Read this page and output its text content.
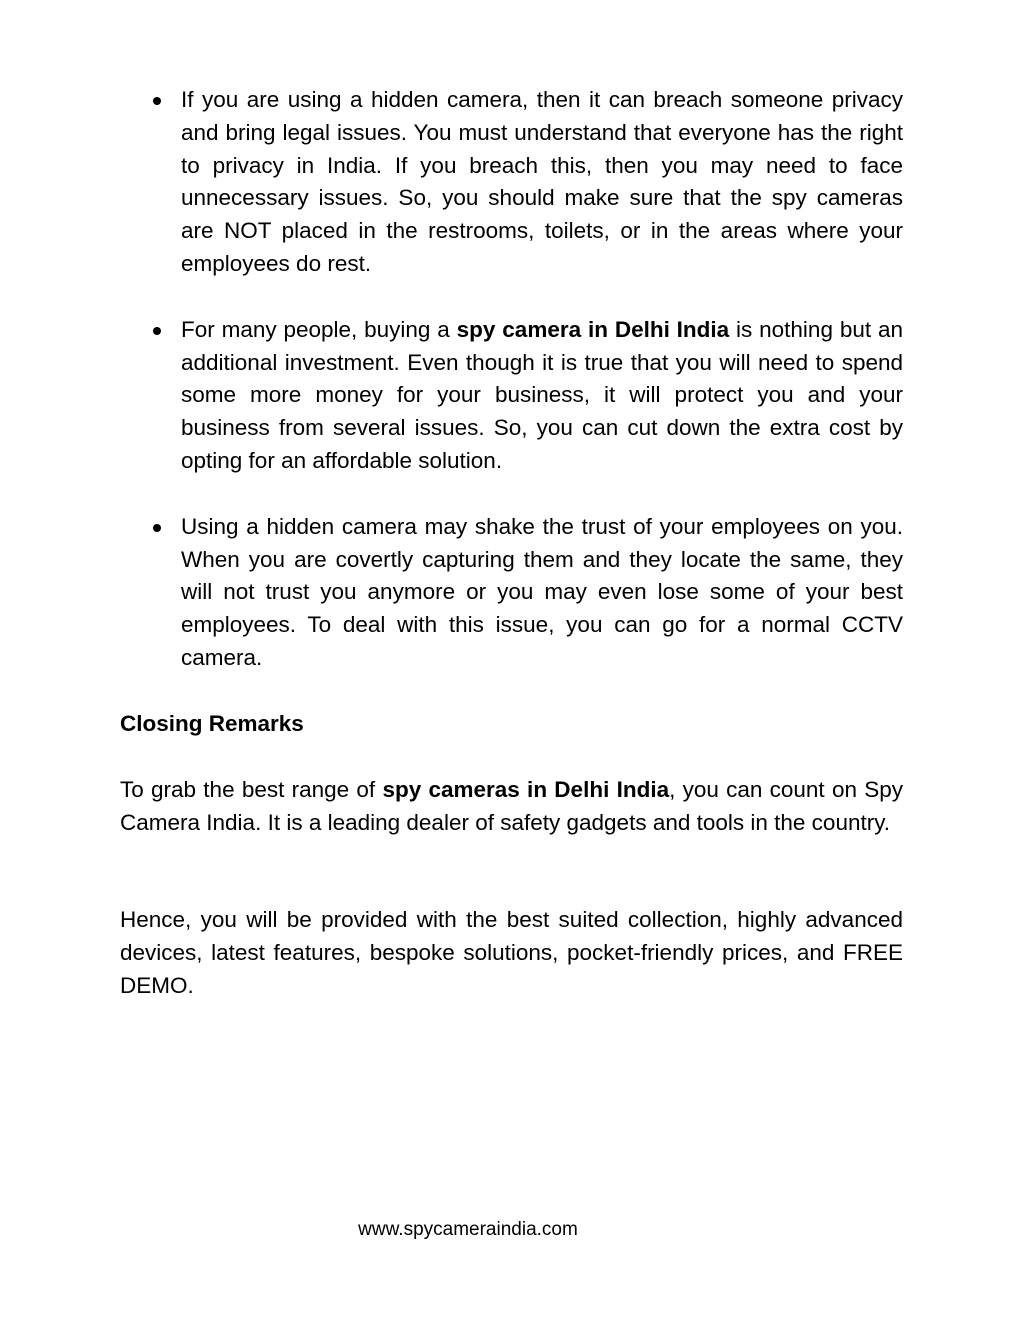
If you are using a hidden camera, then it can breach someone privacy and bring legal issues. You must understand that everyone has the right to privacy in India. If you breach this, then you may need to face unnecessary issues. So, you should make sure that the spy cameras are NOT placed in the restrooms, toilets, or in the areas where your employees do rest.
For many people, buying a spy camera in Delhi India is nothing but an additional investment. Even though it is true that you will need to spend some more money for your business, it will protect you and your business from several issues. So, you can cut down the extra cost by opting for an affordable solution.
Using a hidden camera may shake the trust of your employees on you. When you are covertly capturing them and they locate the same, they will not trust you anymore or you may even lose some of your best employees. To deal with this issue, you can go for a normal CCTV camera.
Closing Remarks

To grab the best range of spy cameras in Delhi India, you can count on Spy Camera India. It is a leading dealer of safety gadgets and tools in the country.

Hence, you will be provided with the best suited collection, highly advanced devices, latest features, bespoke solutions, pocket-friendly prices, and FREE DEMO.

www.spycameraindia.com
